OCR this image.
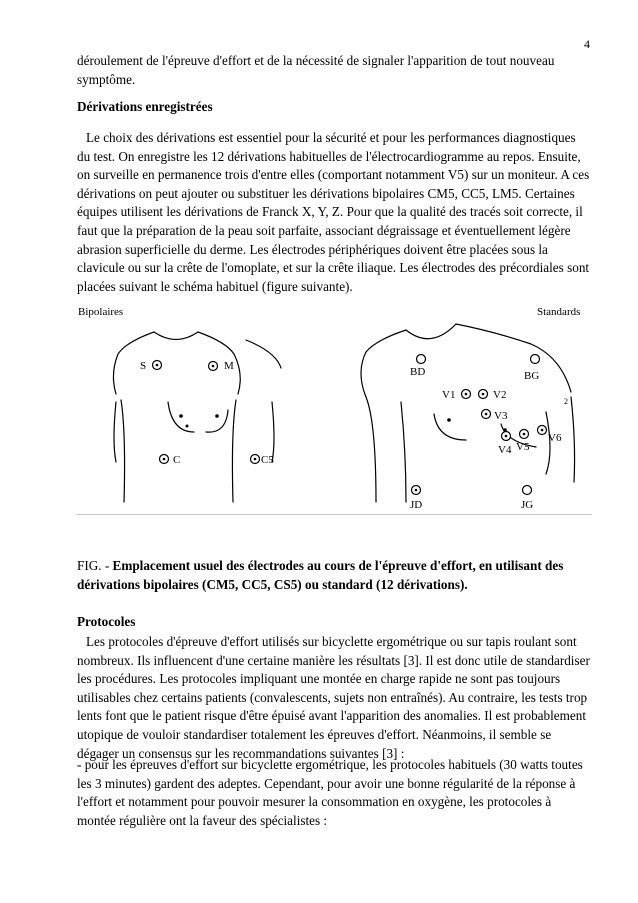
4

déroulement de l'épreuve d'effort et de la nécessité de signaler l'apparition de tout nouveau symptôme.

Dérivations enregistrées

Le choix des dérivations est essentiel pour la sécurité et pour les performances diagnostiques du test. On enregistre les 12 dérivations habituelles de l'électrocardiogramme au repos. Ensuite, on surveille en permanence trois d'entre elles (comportant notamment V5) sur un moniteur. A ces dérivations on peut ajouter ou substituer les dérivations bipolaires CM5, CC5, LM5. Certaines équipes utilisent les dérivations de Franck X, Y, Z. Pour que la qualité des tracés soit correcte, il faut que la préparation de la peau soit parfaite, associant dégraissage et éventuellement légère abrasion superficielle du derme. Les électrodes périphériques doivent être placées sous la clavicule ou sur la crête de l'omoplate, et sur la crête iliaque. Les électrodes des précordiales sont placées suivant le schéma habituel (figure suivante).

Bipolaires	Standards
S	M
C	C5
BD	BG
V1	V2
V3
V4 V5
V6
JD	JG
2

FIG. - Emplacement usuel des électrodes au cours de l'épreuve d'effort, en utilisant des dérivations bipolaires (CM5, CC5, CS5) ou standard (12 dérivations).

Protocoles

Les protocoles d'épreuve d'effort utilisés sur bicyclette ergométrique ou sur tapis roulant sont nombreux. Ils influencent d'une certaine manière les résultats [3]. Il est donc utile de standardiser les procédures. Les protocoles impliquant une montée en charge rapide ne sont pas toujours utilisables chez certains patients (convalescents, sujets non entraînés). Au contraire, les tests trop lents font que le patient risque d'être épuisé avant l'apparition des anomalies. Il est probablement utopique de vouloir standardiser totalement les épreuves d'effort. Néanmoins, il semble se dégager un consensus sur les recommandations suivantes [3] :

- pour les épreuves d'effort sur bicyclette ergométrique, les protocoles habituels (30 watts toutes les 3 minutes) gardent des adeptes. Cependant, pour avoir une bonne régularité de la réponse à l'effort et notamment pour pouvoir mesurer la consommation en oxygène, les protocoles à montée régulière ont la faveur des spécialistes :
